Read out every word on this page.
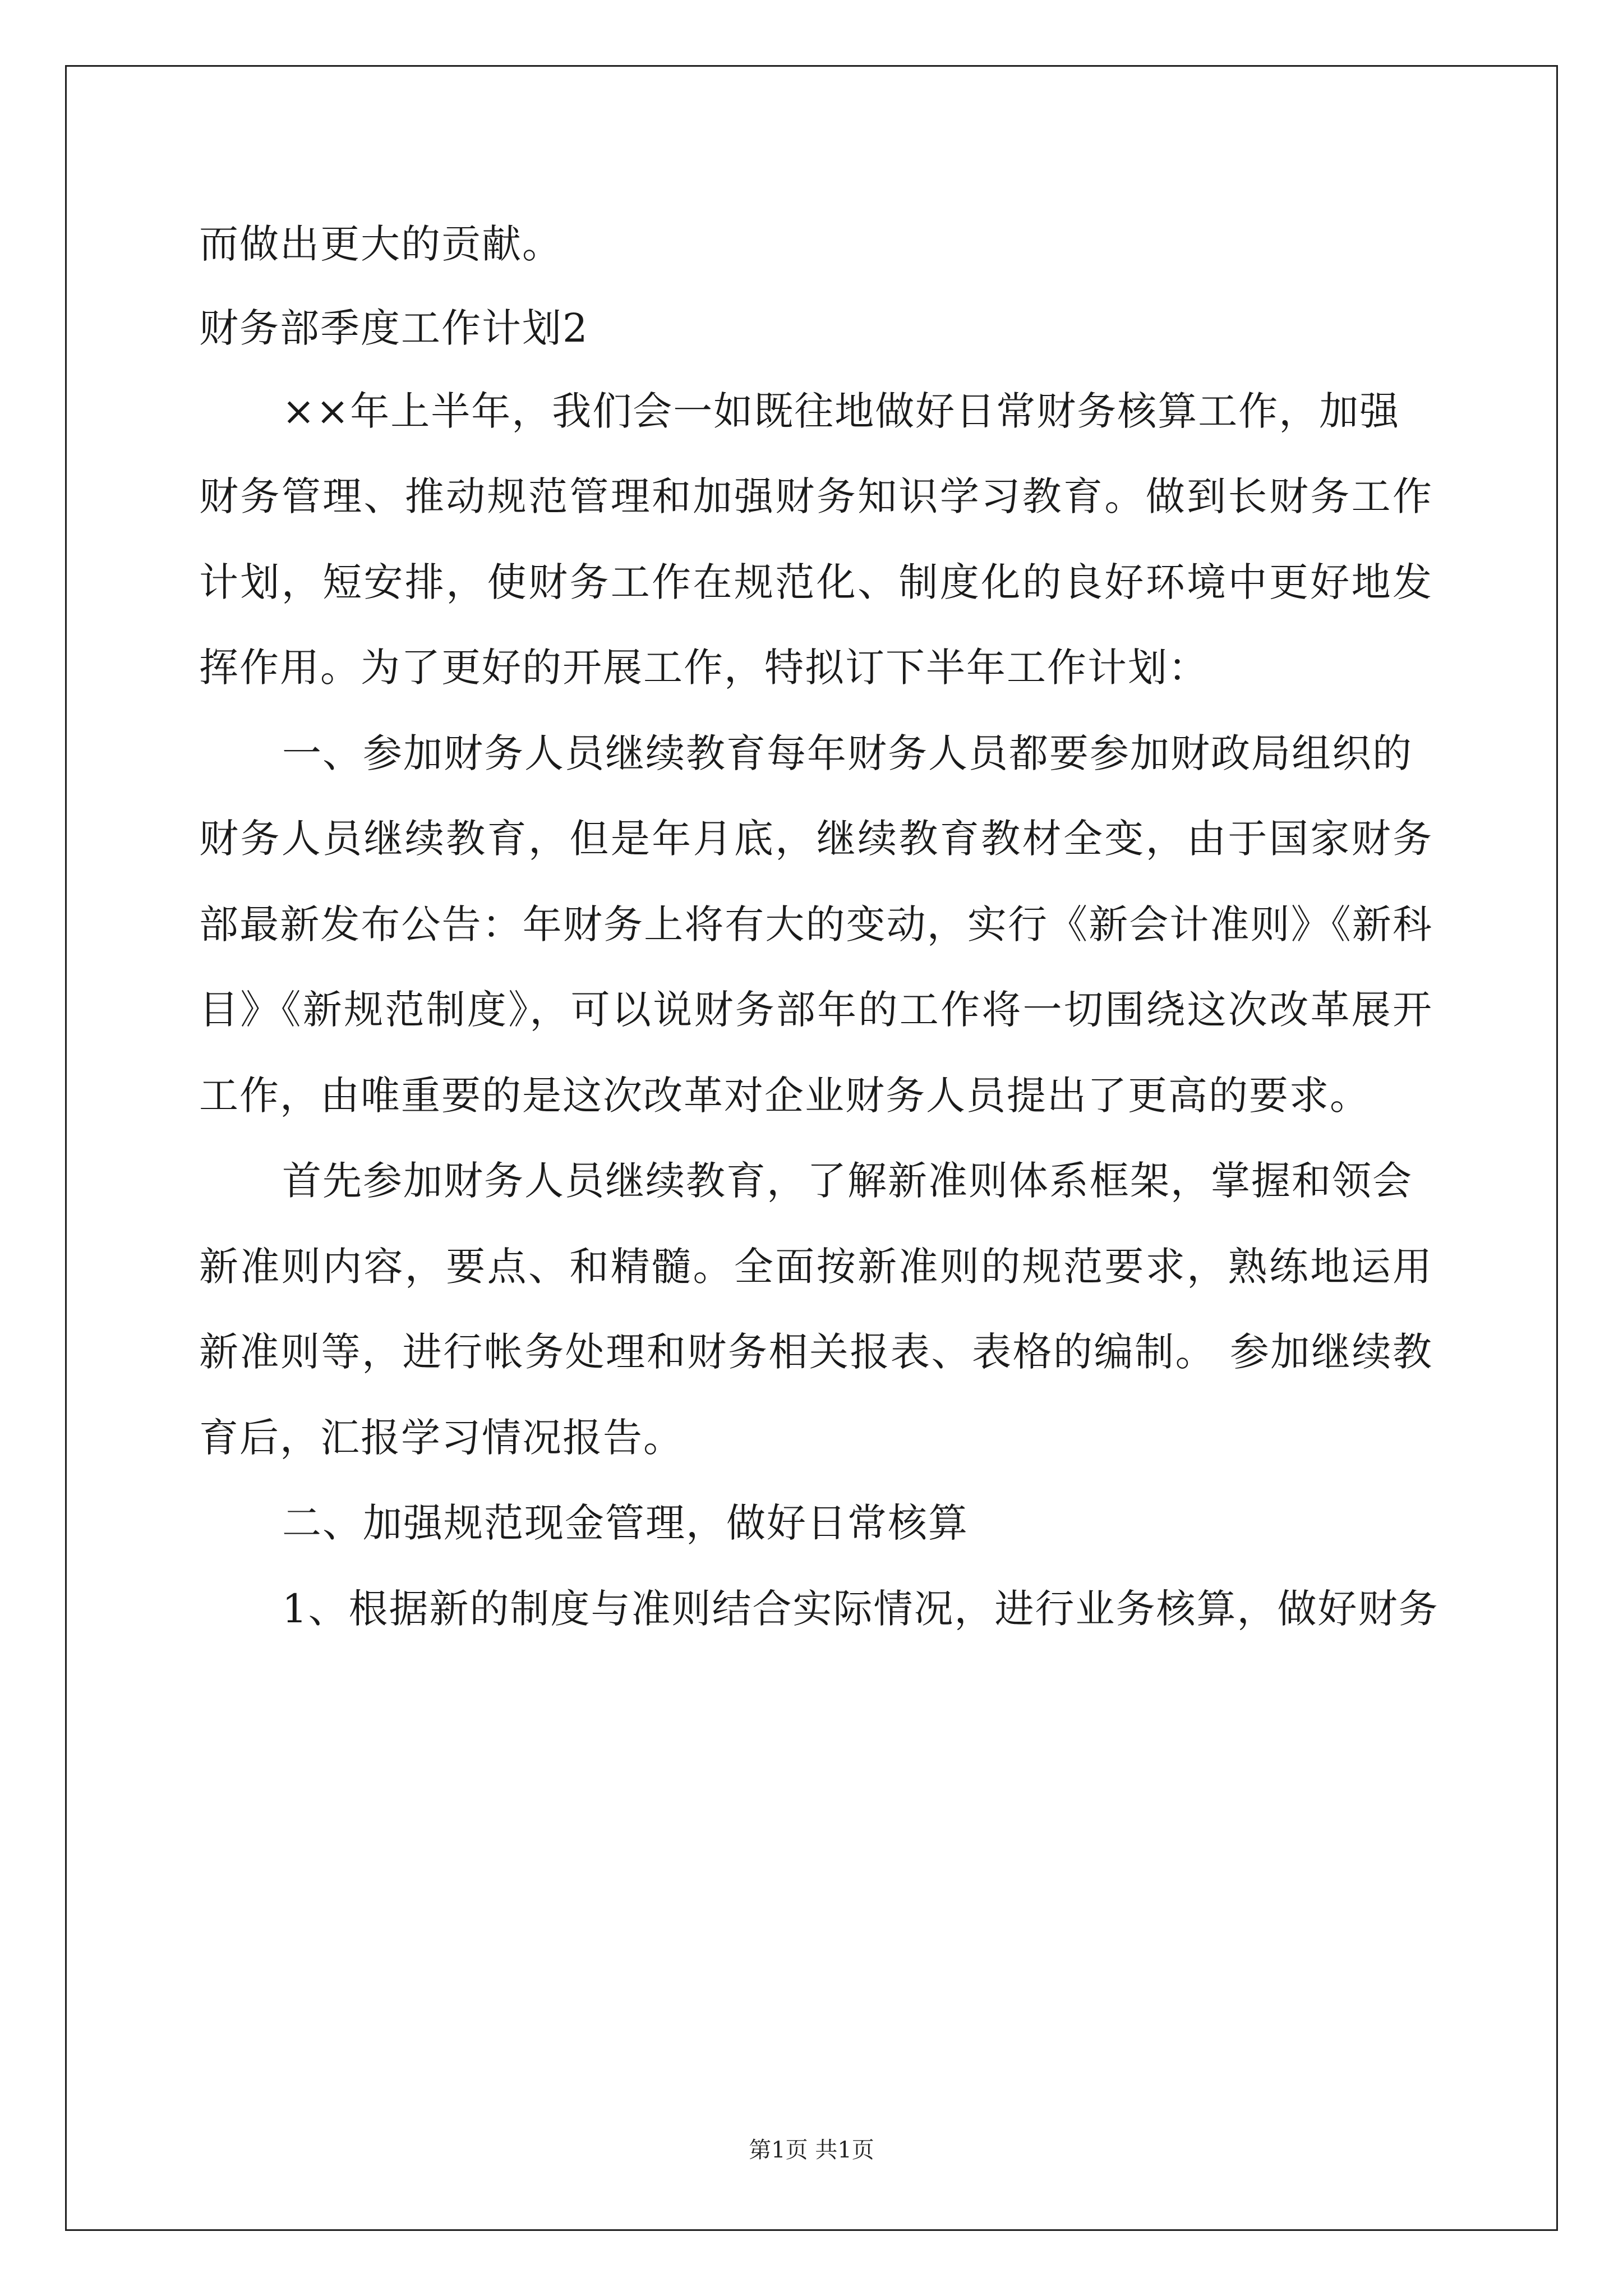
而做出更大的贡献。
财务部季度工作计划2
××年上半年，我们会一如既往地做好日常财务核算工作，加强
财务管理、推动规范管理和加强财务知识学习教育。做到长财务工作
计划，短安排，使财务工作在规范化、制度化的良好环境中更好地发
挥作用。为了更好的开展工作，特拟订下半年工作计划：
一、参加财务人员继续教育每年财务人员都要参加财政局组织的
财务人员继续教育，但是年月底，继续教育教材全变，由于国家财务
部最新发布公告：年财务上将有大的变动，实行《新会计准则》《新科
目》《新规范制度》，可以说财务部年的工作将一切围绕这次改革展开
工作，由唯重要的是这次改革对企业财务人员提出了更高的要求。
首先参加财务人员继续教育，了解新准则体系框架，掌握和领会
新准则内容，要点、和精髓。全面按新准则的规范要求，熟练地运用
新准则等，进行帐务处理和财务相关报表、表格的编制。 参加继续教
育后，汇报学习情况报告。
二、加强规范现金管理，做好日常核算
1、根据新的制度与准则结合实际情况，进行业务核算，做好财务
第1页 共1页
